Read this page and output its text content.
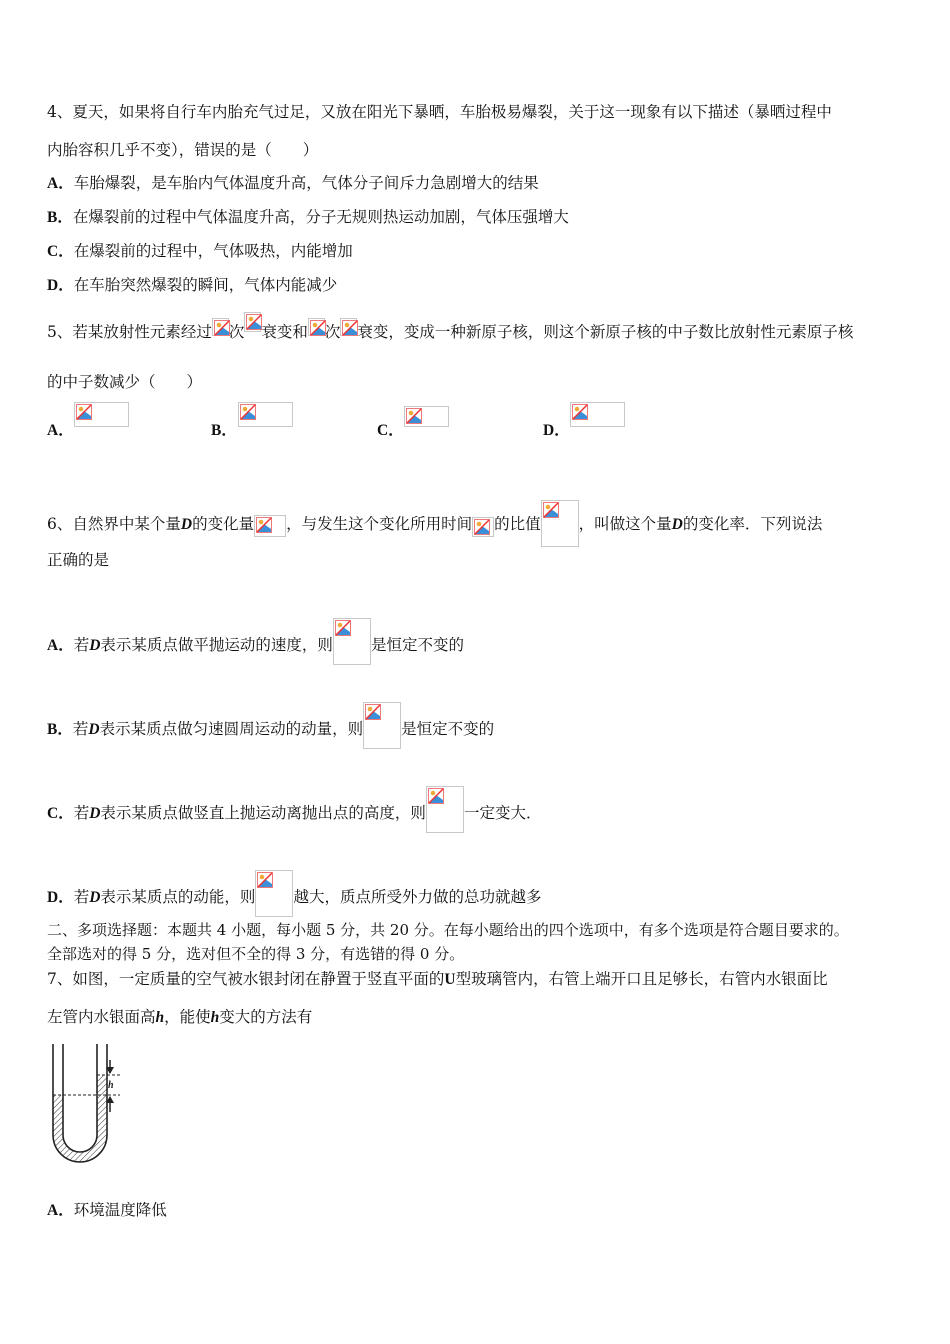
4、夏天，如果将自行车内胎充气过足，又放在阳光下暴晒，车胎极易爆裂，关于这一现象有以下描述（暴晒过程中
内胎容积几乎不变），错误的是（　　）
A．车胎爆裂，是车胎内气体温度升高，气体分子间斥力急剧增大的结果
B．在爆裂前的过程中气体温度升高，分子无规则热运动加剧，气体压强增大
C．在爆裂前的过程中，气体吸热，内能增加
D．在车胎突然爆裂的瞬间，气体内能减少
5、若某放射性元素经过 次 衰变和 次 衰变，变成一种新原子核，则这个新原子核的中子数比放射性元素原子核
的中子数减少（　　）
A．	B．	C．	D．
6、自然界中某个量D的变化量 ，与发生这个变化所用时间 的比值 ，叫做这个量D的变化率．下列说法
正确的是
A．若D表示某质点做平抛运动的速度，则 是恒定不变的
B．若D表示某质点做匀速圆周运动的动量，则 是恒定不变的
C．若D表示某质点做竖直上抛运动离抛出点的高度，则 一定变大．
D．若D表示某质点的动能，则 越大，质点所受外力做的总功就越多
二、多项选择题：本题共 4 小题，每小题 5 分，共 20 分。在每小题给出的四个选项中，有多个选项是符合题目要求的。
全部选对的得 5 分，选对但不全的得 3 分，有选错的得 0 分。
7、如图，一定质量的空气被水银封闭在静置于竖直平面的U型玻璃管内，右管上端开口且足够长，右管内水银面比
左管内水银面高h，能使h变大的方法有
h
A．环境温度降低
